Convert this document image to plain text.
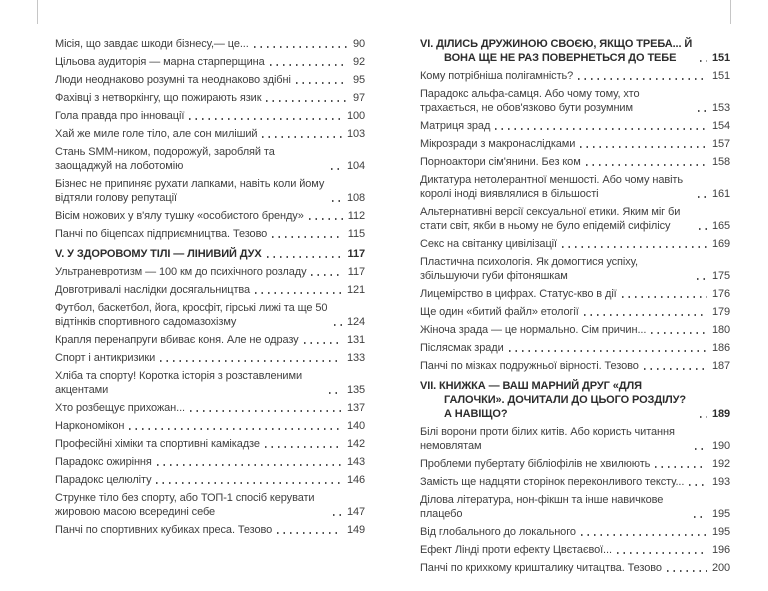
Місія, що завдає шкоди бізнесу,— це...	90
Цільова аудиторія — марна старперщина	92
Люди неоднаково розумні та неоднаково здібні	95
Фахівці з нетворкінгу, що пожирають язик	97
Гола правда про інновації	100
Хай же миле голе тіло, але сон миліший	103
Стань SMM-ником, подорожуй, заробляй та заощаджуй на лоботомію	104
Бізнес не припиняє рухати лапками, навіть коли йому відтяли голову репутації	108
Вісім ножових у в'ялу тушку «особистого бренду»	112
Панчі по біцепсах підприємництва. Тезово	115
V. У ЗДОРОВОМУ ТІЛІ — ЛІНИВИЙ ДУХ	117
Ультраневротизм — 100 км до психічного розладу	117
Довготривалі наслідки досягальництва	121
Футбол, баскетбол, йога, кросфіт, гірські лижі та ще 50 відтінків спортивного садомазохізму	124
Крапля перенапруги вбиває коня. Але не одразу	131
Спорт і антикризики	133
Хліба та спорту! Коротка історія з розставленими акцентами	135
Хто розбещує прихожан...	137
Наркономікон	140
Професійні хіміки та спортивні камікадзе	142
Парадокс ожиріння	143
Парадокс целюліту	146
Струнке тіло без спорту, або ТОП-1 спосіб керувати жировою масою всередині себе	147
Панчі по спортивних кубиках преса. Тезово	149
VI. ДІЛИСЬ ДРУЖИНОЮ СВОЄЮ, ЯКЩО ТРЕБА... Й ВОНА ЩЕ НЕ РАЗ ПОВЕРНЕТЬСЯ ДО ТЕБЕ	151
Кому потрібніша полігамність?	151
Парадокс альфа-самця. Або чому тому, хто трахається, не обов'язково бути розумним	153
Матриця зрад	154
Мікрозради з макронаслідками	157
Порноактори сім'янини. Без ком	158
Диктатура нетолерантної меншості. Або чому навіть королі іноді виявлялися в більшості	161
Альтернативні версії сексуальної етики. Яким міг би стати світ, якби в ньому не було епідемій сифілісу	165
Секс на світанку цивілізації	169
Пластична психологія. Як домогтися успіху, збільшуючи губи фітоняшкам	175
Лицемірство в цифрах. Статус-кво в дії	176
Ще один «битий файл» етології	179
Жіноча зрада — це нормально. Сім причин...	180
Післясмак зради	186
Панчі по мізках подружньої вірності. Тезово	187
VII. КНИЖКА — ВАШ МАРНИЙ ДРУГ «ДЛЯ ГАЛОЧКИ». ДОЧИТАЛИ ДО ЦЬОГО РОЗДІЛУ? А НАВІЩО?	189
Білі ворони проти білих китів. Або користь читання немовлятам	190
Проблеми пубертату бібліофілів не хвилюють	192
Замість ще надцяти сторінок переконливого тексту...	193
Ділова література, нон-фікшн та інше навичкове плацебо	195
Від глобального до локального	195
Ефект Лінді проти ефекту Цвєтаєвої...	196
Панчі по крихкому кришталику читацтва. Тезово	200
